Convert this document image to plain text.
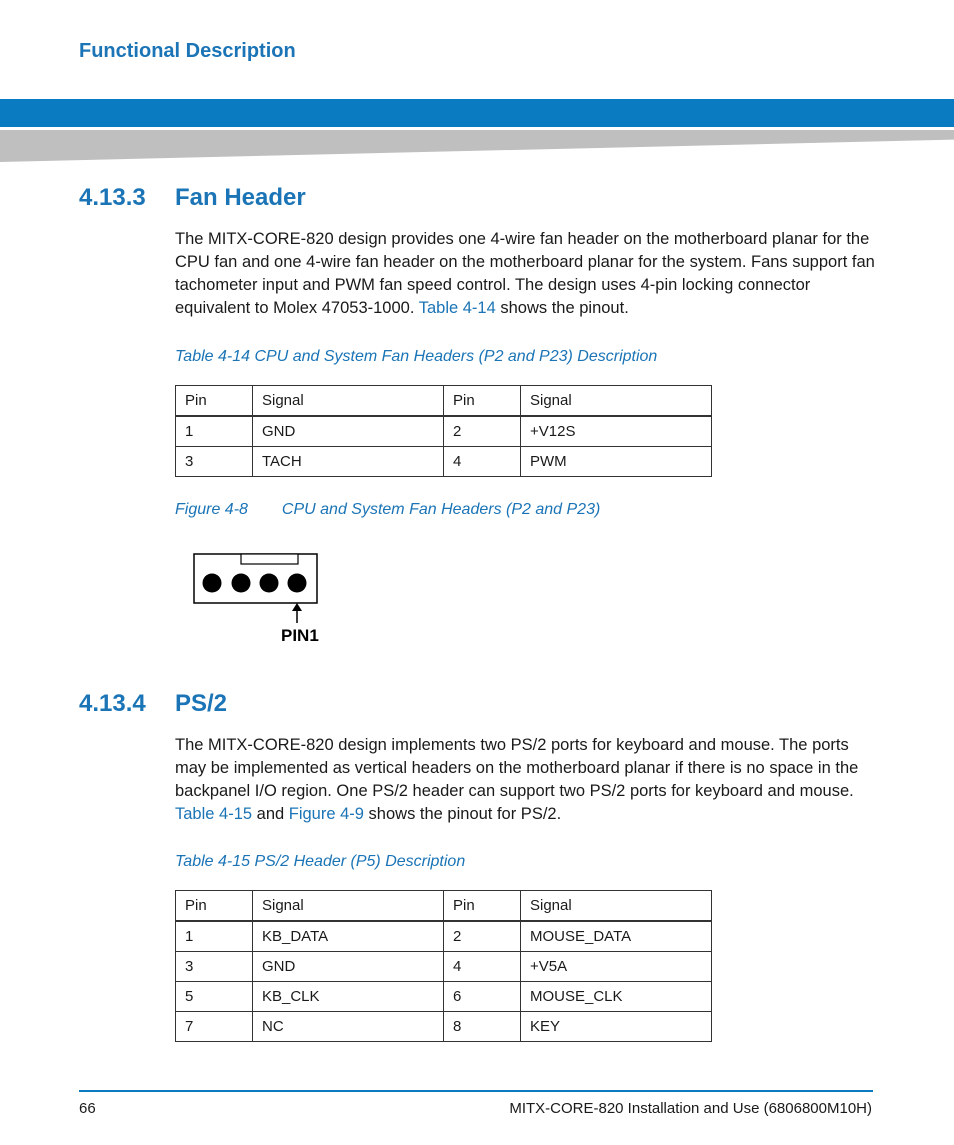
Functional Description
4.13.3 Fan Header

The MITX-CORE-820 design provides one 4-wire fan header on the motherboard planar for the CPU fan and one 4-wire fan header on the motherboard planar for the system. Fans support fan tachometer input and PWM fan speed control. The design uses 4-pin locking connector equivalent to Molex 47053-1000. Table 4-14 shows the pinout.

Table 4-14 CPU and System Fan Headers (P2 and P23) Description

Pin	Signal	Pin	Signal
1	GND	2	+V12S
3	TACH	4	PWM

Figure 4-8 CPU and System Fan Headers (P2 and P23)

PIN1
4.13.4 PS/2

The MITX-CORE-820 design implements two PS/2 ports for keyboard and mouse. The ports may be implemented as vertical headers on the motherboard planar if there is no space in the backpanel I/O region. One PS/2 header can support two PS/2 ports for keyboard and mouse. Table 4-15 and Figure 4-9 shows the pinout for PS/2.

Table 4-15 PS/2 Header (P5) Description

Pin	Signal	Pin	Signal
1	KB_DATA	2	MOUSE_DATA
3	GND	4	+V5A
5	KB_CLK	6	MOUSE_CLK
7	NC	8	KEY
66	MITX-CORE-820 Installation and Use (6806800M10H)
